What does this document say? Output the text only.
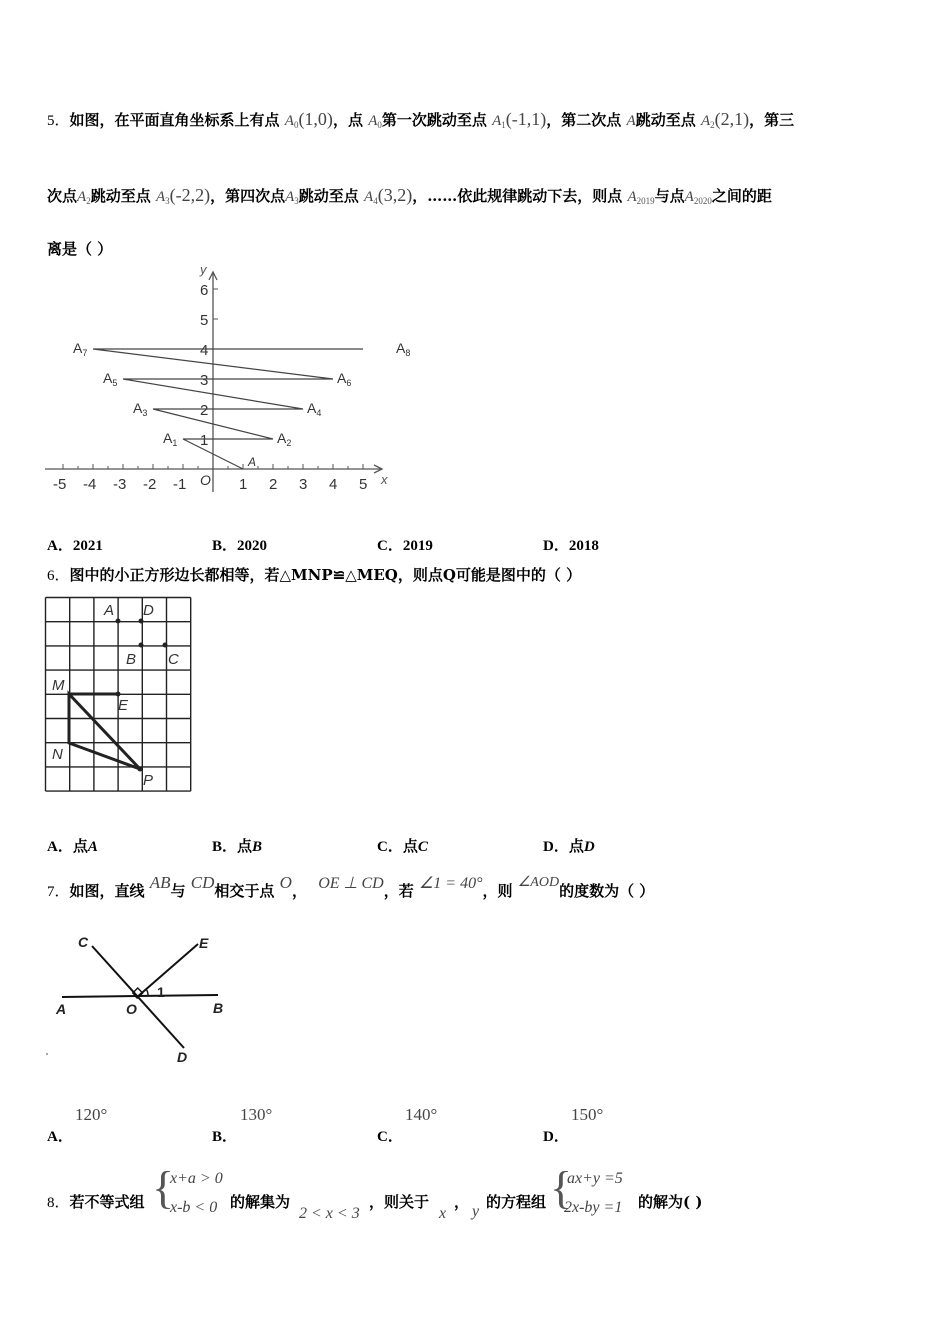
5．如图，在平面直角坐标系上有点 $A_0(1,0)$，点 $A_0$第一次跳动至点 $A_1(-1,1)$，第二次点 A跳动至点 $A_2(2,1)$，第三
次点$A_2$跳动至点 $A_3(-2,2)$，第四次点$A_3$跳动至点 $A_4(3,2)$，……依此规律跳动下去，则点 $A_{2019}$与点$A_{2020}$之间的距
离是（ ）
y
x
O
-5 -4 -3 -2 -1	1 2 3 4 5
1
2
3
4
5
6
A
$A_1$	$A_2$
$A_3$	$A_4$
$A_5$	$A_6$
$A_7$	$A_8$
A．2021	B．2020	C．2019	D．2018
6．图中的小正方形边长都相等，若△MNP≌△MEQ，则点Q可能是图中的（ ）
A D
B C
M
E
N
P
A．点A	B．点B	C．点C	D．点D
7．如图，直线 AB与 CD相交于点 O， OE ⊥ CD，若 ∠1 = 40°，则 ∠AOD的度数为（ ）
C	E
A	O	B
D
1
A．
120°
B．
130°
C．
140°
D．
150°
8．若不等式组 {
x+a > 0
x-b < 0 的解集为
2 < x < 3
，则关于
x
，
y
的方程组 {
ax+y =5
2x-by =1 的解为( )
